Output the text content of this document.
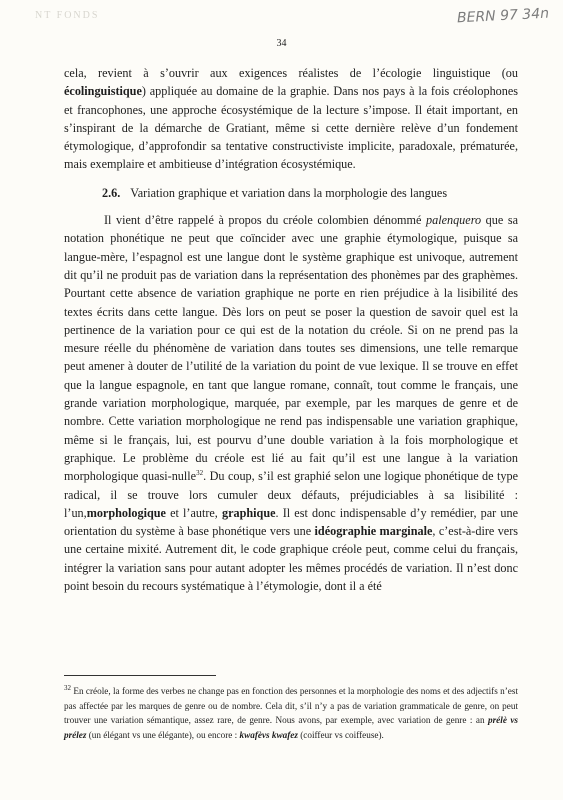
NT FONDS	BERN 97 34n
34

cela, revient à s’ouvrir aux exigences réalistes de l’écologie linguistique (ou écolinguistique) appliquée au domaine de la graphie. Dans nos pays à la fois créolophones et francophones, une approche écosystémique de la lecture s’impose. Il était important, en s’inspirant de la démarche de Gratiant, même si cette dernière relève d’un fondement étymologique, d’approfondir sa tentative constructiviste implicite, paradoxale, prématurée, mais exemplaire et ambitieuse d’intégration écosystémique.

2.6. Variation graphique et variation dans la morphologie des langues

Il vient d’être rappelé à propos du créole colombien dénommé palenquero que sa notation phonétique ne peut que coïncider avec une graphie étymologique, puisque sa langue-mère, l’espagnol est une langue dont le système graphique est univoque, autrement dit qu’il ne produit pas de variation dans la représentation des phonèmes par des graphèmes. Pourtant cette absence de variation graphique ne porte en rien préjudice à la lisibilité des textes écrits dans cette langue. Dès lors on peut se poser la question de savoir quel est la pertinence de la variation pour ce qui est de la notation du créole. Si on ne prend pas la mesure réelle du phénomène de variation dans toutes ses dimensions, une telle remarque peut amener à douter de l’utilité de la variation du point de vue lexique. Il se trouve en effet que la langue espagnole, en tant que langue romane, connaît, tout comme le français, une grande variation morphologique, marquée, par exemple, par les marques de genre et de nombre. Cette variation morphologique ne rend pas indispensable une variation graphique, même si le français, lui, est pourvu d’une double variation à la fois morphologique et graphique. Le problème du créole est lié au fait qu’il est une langue à la variation morphologique quasi-nulle$^{32}$. Du coup, s’il est graphié selon une logique phonétique de type radical, il se trouve lors cumuler deux défauts, préjudiciables à sa lisibilité : l’un,morphologique et l’autre, graphique. Il est donc indispensable d’y remédier, par une orientation du système à base phonétique vers une idéographie marginale, c’est-à-dire vers une certaine mixité. Autrement dit, le code graphique créole peut, comme celui du français, intégrer la variation sans pour autant adopter les mêmes procédés de variation. Il n’est donc point besoin du recours systématique à l’étymologie, dont il a été

$^{32}$ En créole, la forme des verbes ne change pas en fonction des personnes et la morphologie des noms et des adjectifs n’est pas affectée par les marques de genre ou de nombre. Cela dit, s’il n’y a pas de variation grammaticale de genre, on peut trouver une variation sémantique, assez rare, de genre. Nous avons, par exemple, avec variation de genre : an prélè vs prélez (un élégant vs une élégante), ou encore : kwafèvs kwafez (coiffeur vs coiffeuse).
